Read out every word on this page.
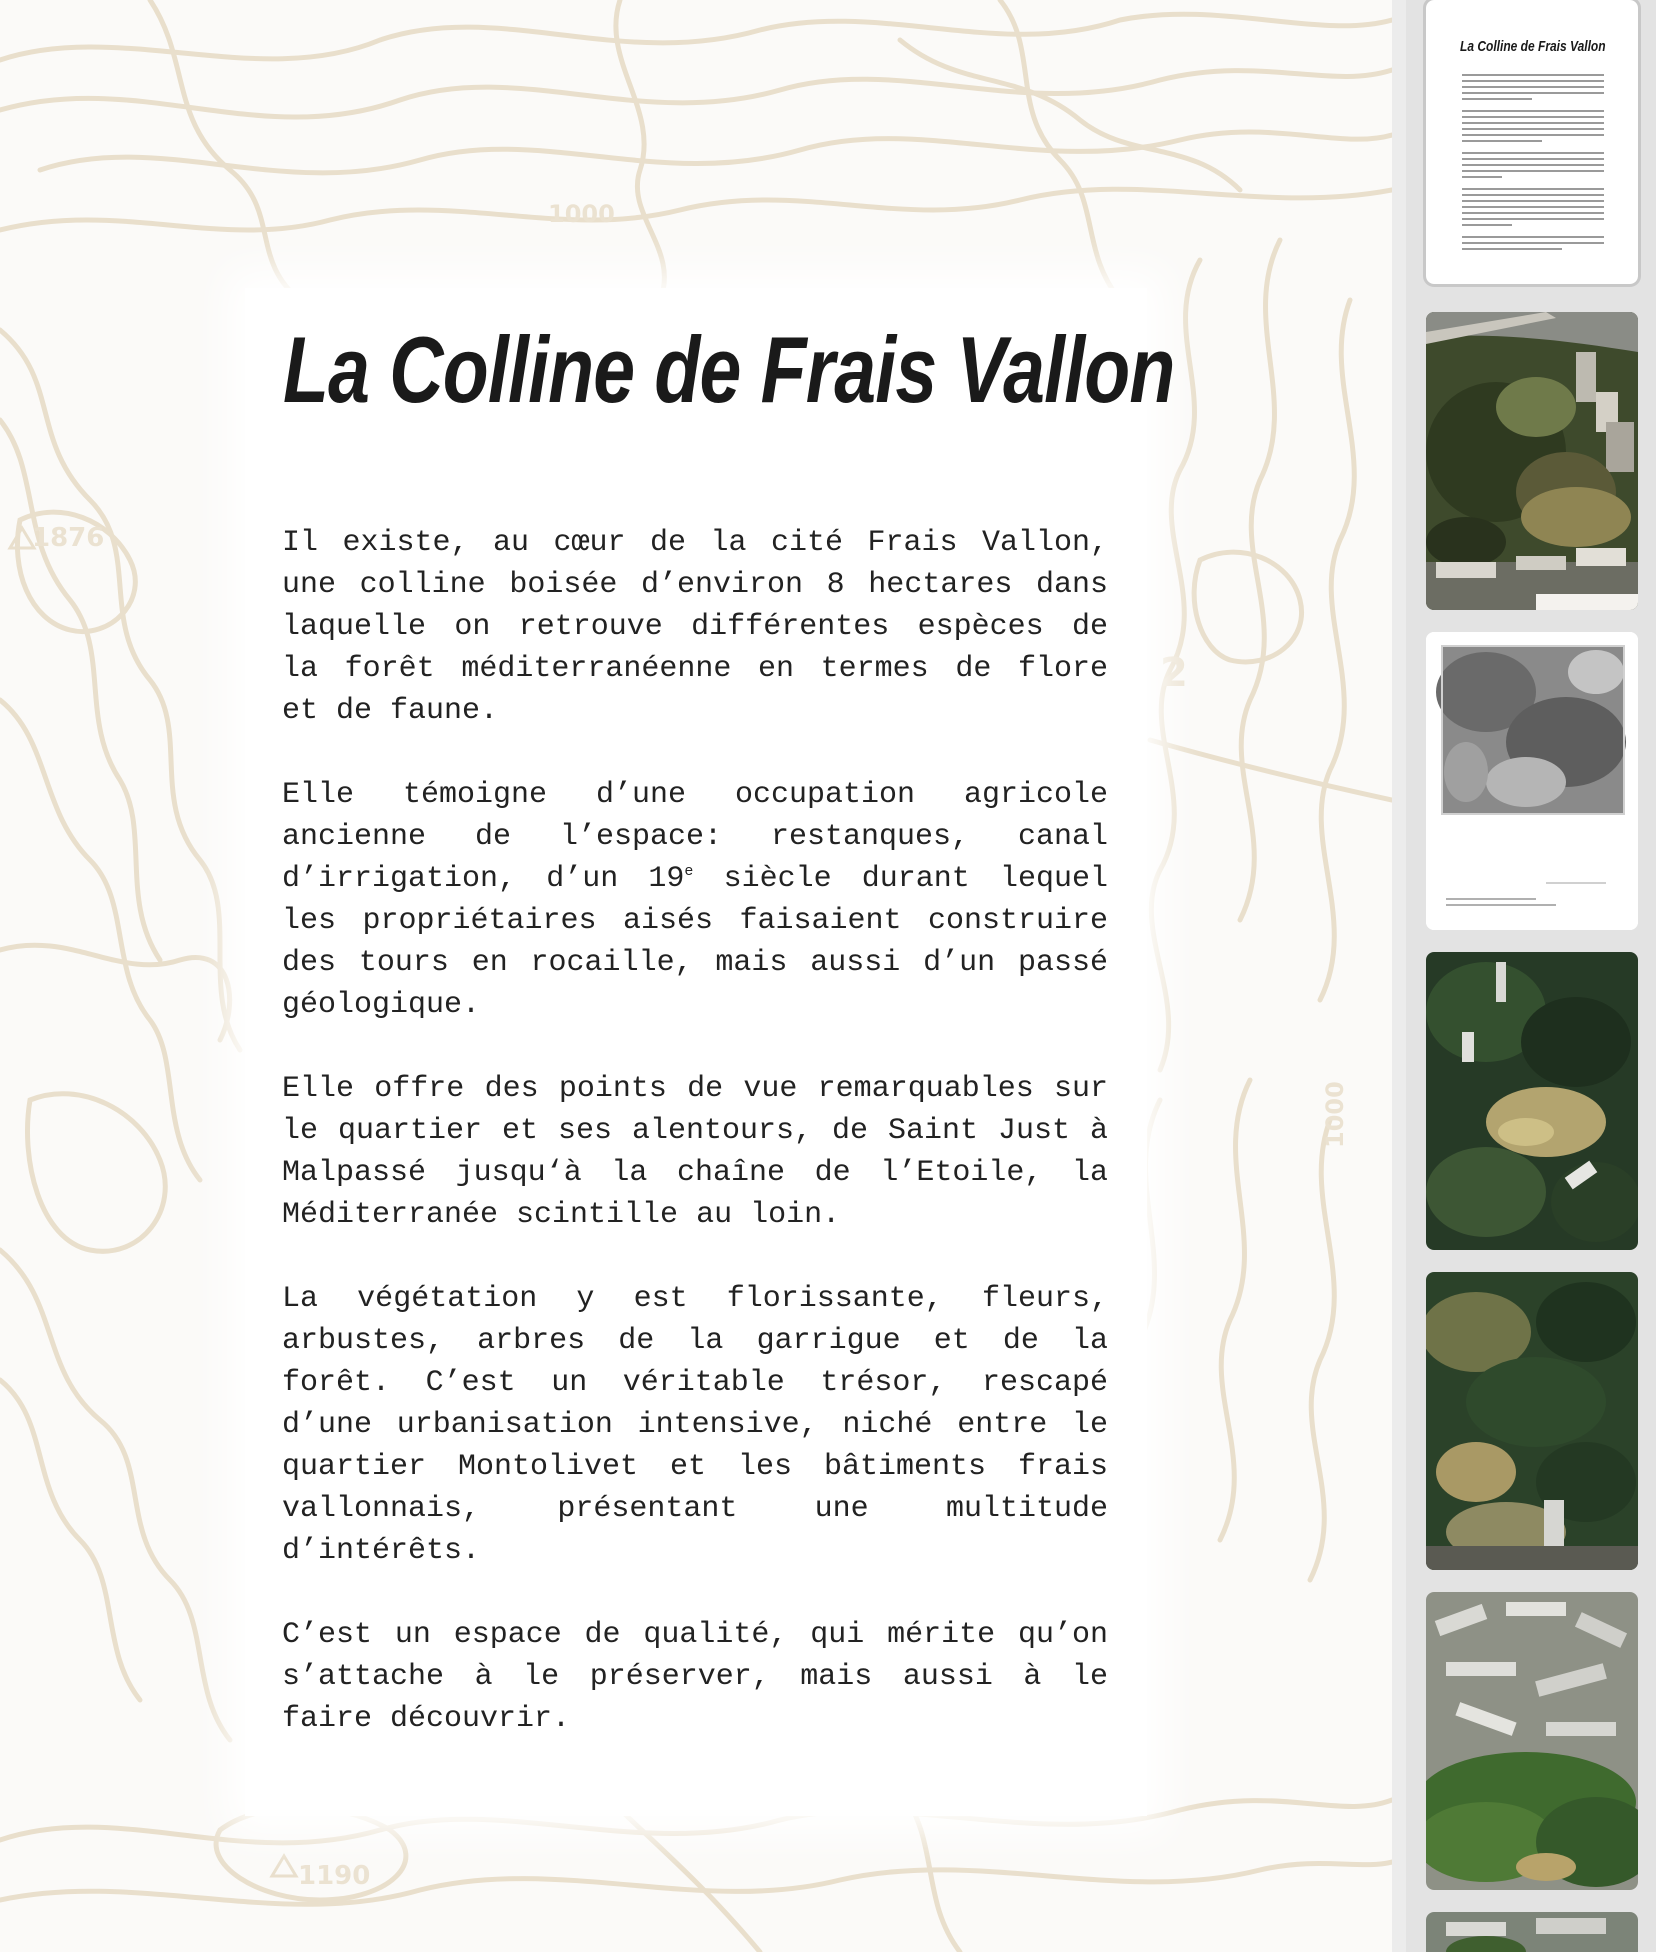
1000
1876
1190
2
1000
La Colline de Frais Vallon

Il existe, au cœur de la cité Frais Vallon, une colline boisée d’environ 8 hectares dans laquelle on retrouve différentes espèces de la forêt méditerranéenne en termes de flore et de faune.

Elle témoigne d’une occupation agricole ancienne de l’espace: restanques, canal d’irrigation, d’un 19e siècle durant lequel les propriétaires aisés faisaient construire des tours en rocaille, mais aussi d’un passé géologique.

Elle offre des points de vue remarquables sur le quartier et ses alentours, de Saint Just à Malpassé jusqu‘à la chaîne de l’Etoile, la Méditerranée scintille au loin.

La végétation y est florissante, fleurs, arbustes, arbres de la garrigue et de la forêt. C’est un véritable trésor, rescapé d’une urbanisation intensive, niché entre le quartier Montolivet et les bâtiments frais vallonnais, présentant une multitude d’intérêts.

C’est un espace de qualité, qui mérite qu’on s’attache à le préserver, mais aussi à le faire découvrir.

La Colline de Frais Vallon
